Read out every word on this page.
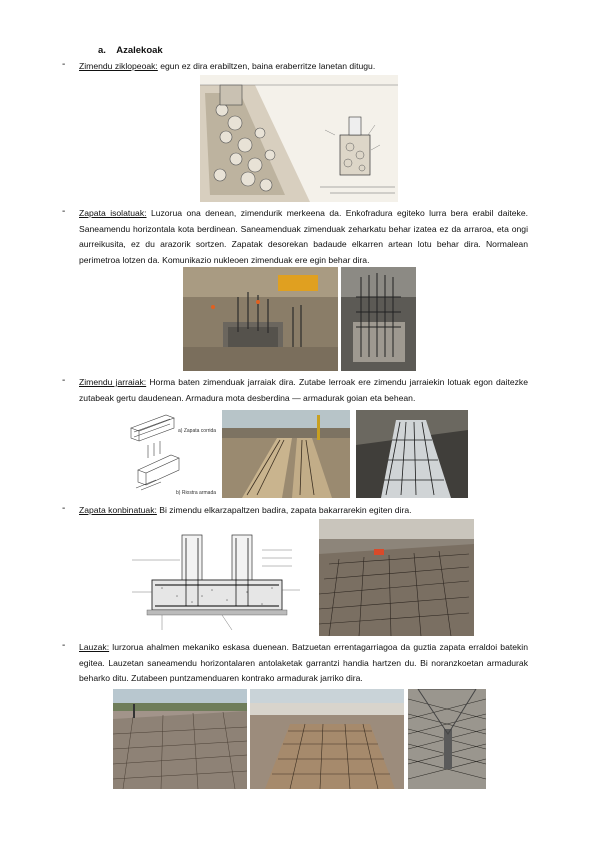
a. Azalekoak
- Zimendu ziklopeoak: egun ez dira erabiltzen, baina eraberritze lanetan ditugu.
- Zapata isolatuak: Luzorua ona denean, zimendurik merkeena da. Enkofradura egiteko lurra bera erabil daiteke. Saneamendu horizontala kota berdinean. Saneamenduak zimenduak zeharkatu behar izatea ez da arraroa, eta ongi aurreikusita, ez du arazorik sortzen. Zapatak desorekan badaude elkarren artean lotu behar dira. Normalean perimetroa lotzen da. Komunikazio nukleoen zimenduak ere egin behar dira.
- Zimendu jarraiak: Horma baten zimenduak jarraiak dira. Zutabe lerroak ere zimendu jarraiekin lotuak egon daitezke zutabeak gertu daudenean. Armadura mota desberdina — armadurak goian eta behean.
a) Zapata corrida
b) Riostra armada
- Zapata konbinatuak: Bi zimendu elkarzapaltzen badira, zapata bakarrarekin egiten dira.
- Lauzak: lurzorua ahalmen mekaniko eskasa duenean. Batzuetan errentagarriagoa da guztia zapata erraldoi batekin egitea. Lauzetan saneamendu horizontalaren antolaketak garrantzi handia hartzen du. Bi noranzkoetan armadurak beharko ditu. Zutabeen puntzamenduaren kontrako armadurak jarriko dira.
